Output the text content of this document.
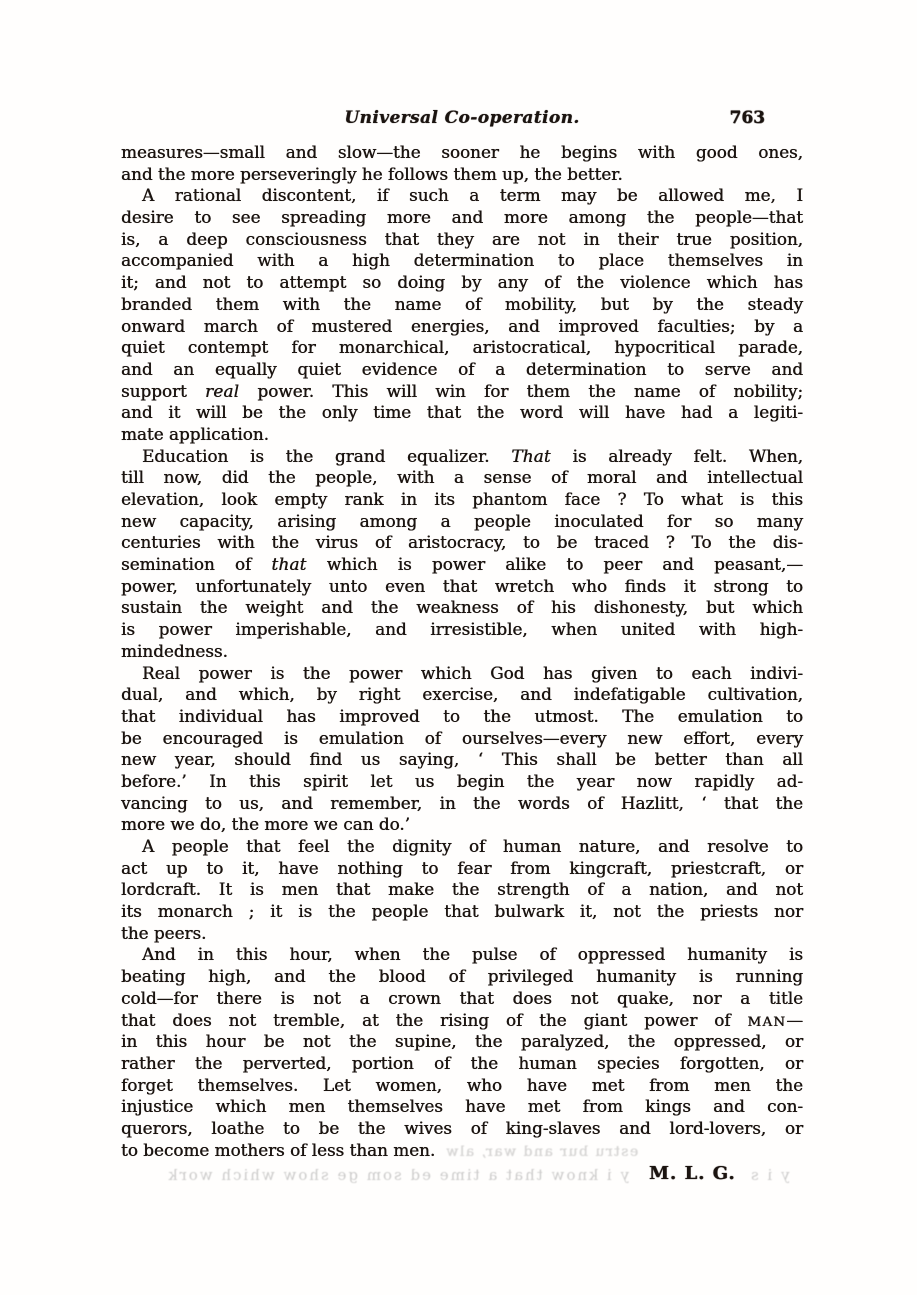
Universal Co-operation.	763
measures—small and slow—the sooner he begins with good ones,
and the more perseveringly he follows them up, the better.
A rational discontent, if such a term may be allowed me, I
desire to see spreading more and more among the people—that
is, a deep consciousness that they are not in their true position,
accompanied with a high determination to place themselves in
it; and not to attempt so doing by any of the violence which has
branded them with the name of mobility, but by the steady
onward march of mustered energies, and improved faculties; by a
quiet contempt for monarchical, aristocratical, hypocritical parade,
and an equally quiet evidence of a determination to serve and
support real power. This will win for them the name of nobility;
and it will be the only time that the word will have had a legiti-
mate application.
Education is the grand equalizer. That is already felt. When,
till now, did the people, with a sense of moral and intellectual
elevation, look empty rank in its phantom face ? To what is this
new capacity, arising among a people inoculated for so many
centuries with the virus of aristocracy, to be traced ? To the dis-
semination of that which is power alike to peer and peasant,—
power, unfortunately unto even that wretch who finds it strong to
sustain the weight and the weakness of his dishonesty, but which
is power imperishable, and irresistible, when united with high-
mindedness.
Real power is the power which God has given to each indivi-
dual, and which, by right exercise, and indefatigable cultivation,
that individual has improved to the utmost. The emulation to
be encouraged is emulation of ourselves—every new effort, every
new year, should find us saying, ‘ This shall be better than all
before.’ In this spirit let us begin the year now rapidly ad-
vancing to us, and remember, in the words of Hazlitt, ‘ that the
more we do, the more we can do.’
A people that feel the dignity of human nature, and resolve to
act up to it, have nothing to fear from kingcraft, priestcraft, or
lordcraft. It is men that make the strength of a nation, and not
its monarch ; it is the people that bulwark it, not the priests nor
the peers.
And in this hour, when the pulse of oppressed humanity is
beating high, and the blood of privileged humanity is running
cold—for there is not a crown that does not quake, nor a title
that does not tremble, at the rising of the giant power of MAN—
in this hour be not the supine, the paralyzed, the oppressed, or
rather the perverted, portion of the human species forgotten, or
forget themselves. Let women, who have met from men the
injustice which men themselves have met from kings and con-
querors, loathe to be the wives of king-slaves and lord-lovers, or
to become mothers of less than men. estru bur and war, alw
y i know that a time ed som ge show which work M. L. G. y i s
